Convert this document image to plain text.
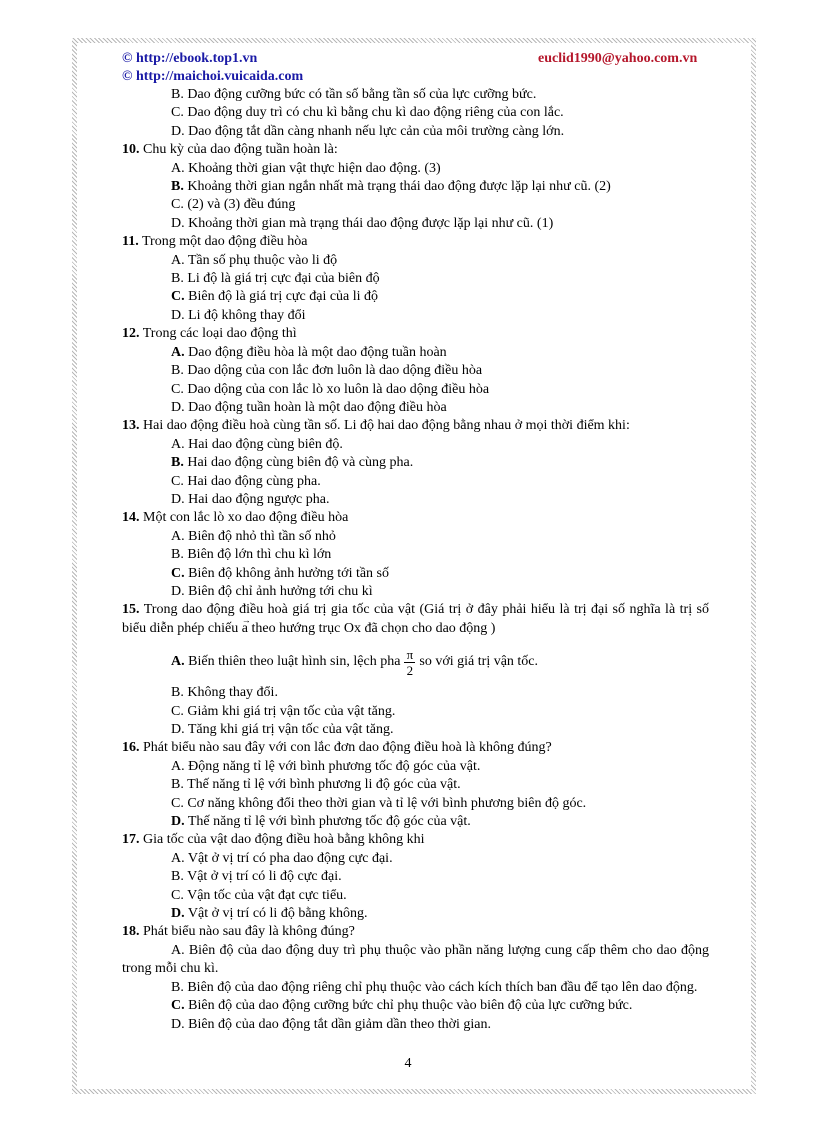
© http://ebook.top1.vn
© http://maichoi.vuicaida.com
euclid1990@yahoo.com.vn

B. Dao động cưỡng bức có tần số bằng tần số của lực cưỡng bức.

C. Dao động duy trì có chu kì bằng chu kì dao động riêng của con lắc.

D. Dao động tắt dần càng nhanh nếu lực cản của môi trường càng lớn.

10. Chu kỳ của dao động tuần hoàn là:

A. Khoảng thời gian vật thực hiện dao động. (3)

B. Khoảng thời gian ngắn nhất mà trạng thái dao động được lặp lại như cũ. (2)

C. (2) và (3) đều đúng

D. Khoảng thời gian mà trạng thái dao động được lặp lại như cũ. (1)

11. Trong một dao động điều hòa

A. Tần số phụ thuộc vào li độ

B. Li độ là giá trị cực đại của biên độ

C. Biên độ là giá trị cực đại của li độ

D. Li độ không thay đổi

12. Trong các loại dao động thì

A. Dao động điều hòa là một dao động tuần hoàn

B. Dao dộng của con lắc đơn luôn là dao dộng điều hòa

C. Dao dộng của con lắc lò xo luôn là dao dộng điều hòa

D. Dao động tuần hoàn là một dao động điều hòa

13. Hai dao động điều hoà cùng tần số. Li độ hai dao động bằng nhau ở mọi thời điểm khi:

A. Hai dao động cùng biên độ.

B. Hai dao động cùng biên độ và cùng pha.

C. Hai dao động cùng pha.

D. Hai dao động ngược pha.

14. Một con lắc lò xo dao động điều hòa

A. Biên độ nhỏ thì tần số nhỏ

B. Biên độ lớn thì chu kì lớn

C. Biên độ không ảnh hưởng tới tần số

D. Biên độ chỉ ảnh hưởng tới chu kì

15. Trong dao động điều hoà giá trị gia tốc của vật (Giá trị ở đây phải hiểu là trị đại số nghĩa là trị số biểu diễn phép chiếu → a theo hướng trục Ox đã chọn cho dao động )

A.
Biến thiên theo luật hình sin, lệch pha $\frac{\pi}{2}$ so với giá trị vận tốc.

B. Không thay đổi.

C. Giảm khi giá trị vận tốc của vật tăng.

D. Tăng khi giá trị vận tốc của vật tăng.

16. Phát biểu nào sau đây với con lắc đơn dao động điều hoà là không đúng?

A. Động năng tỉ lệ với bình phương tốc độ góc của vật.

B. Thế năng tỉ lệ với bình phương li độ góc của vật.

C. Cơ năng không đổi theo thời gian và tỉ lệ với bình phương biên độ góc.

D. Thế năng tỉ lệ với bình phương tốc độ góc của vật.

17. Gia tốc của vật dao động điều hoà bằng không khi

A. Vật ở vị trí có pha dao động cực đại.

B. Vật ở vị trí có li độ cực đại.

C. Vận tốc của vật đạt cực tiểu.

D. Vật ở vị trí có li độ bằng không.

18. Phát biểu nào sau đây là không đúng?

A. Biên độ của dao động duy trì phụ thuộc vào phần năng lượng cung cấp thêm cho dao động trong mỗi chu kì.

B. Biên độ của dao động riêng chỉ phụ thuộc vào cách kích thích ban đầu để tạo lên dao động.

C. Biên độ của dao động cưỡng bức chỉ phụ thuộc vào biên độ của lực cưỡng bức.

D. Biên độ của dao động tắt dần giảm dần theo thời gian.

4
